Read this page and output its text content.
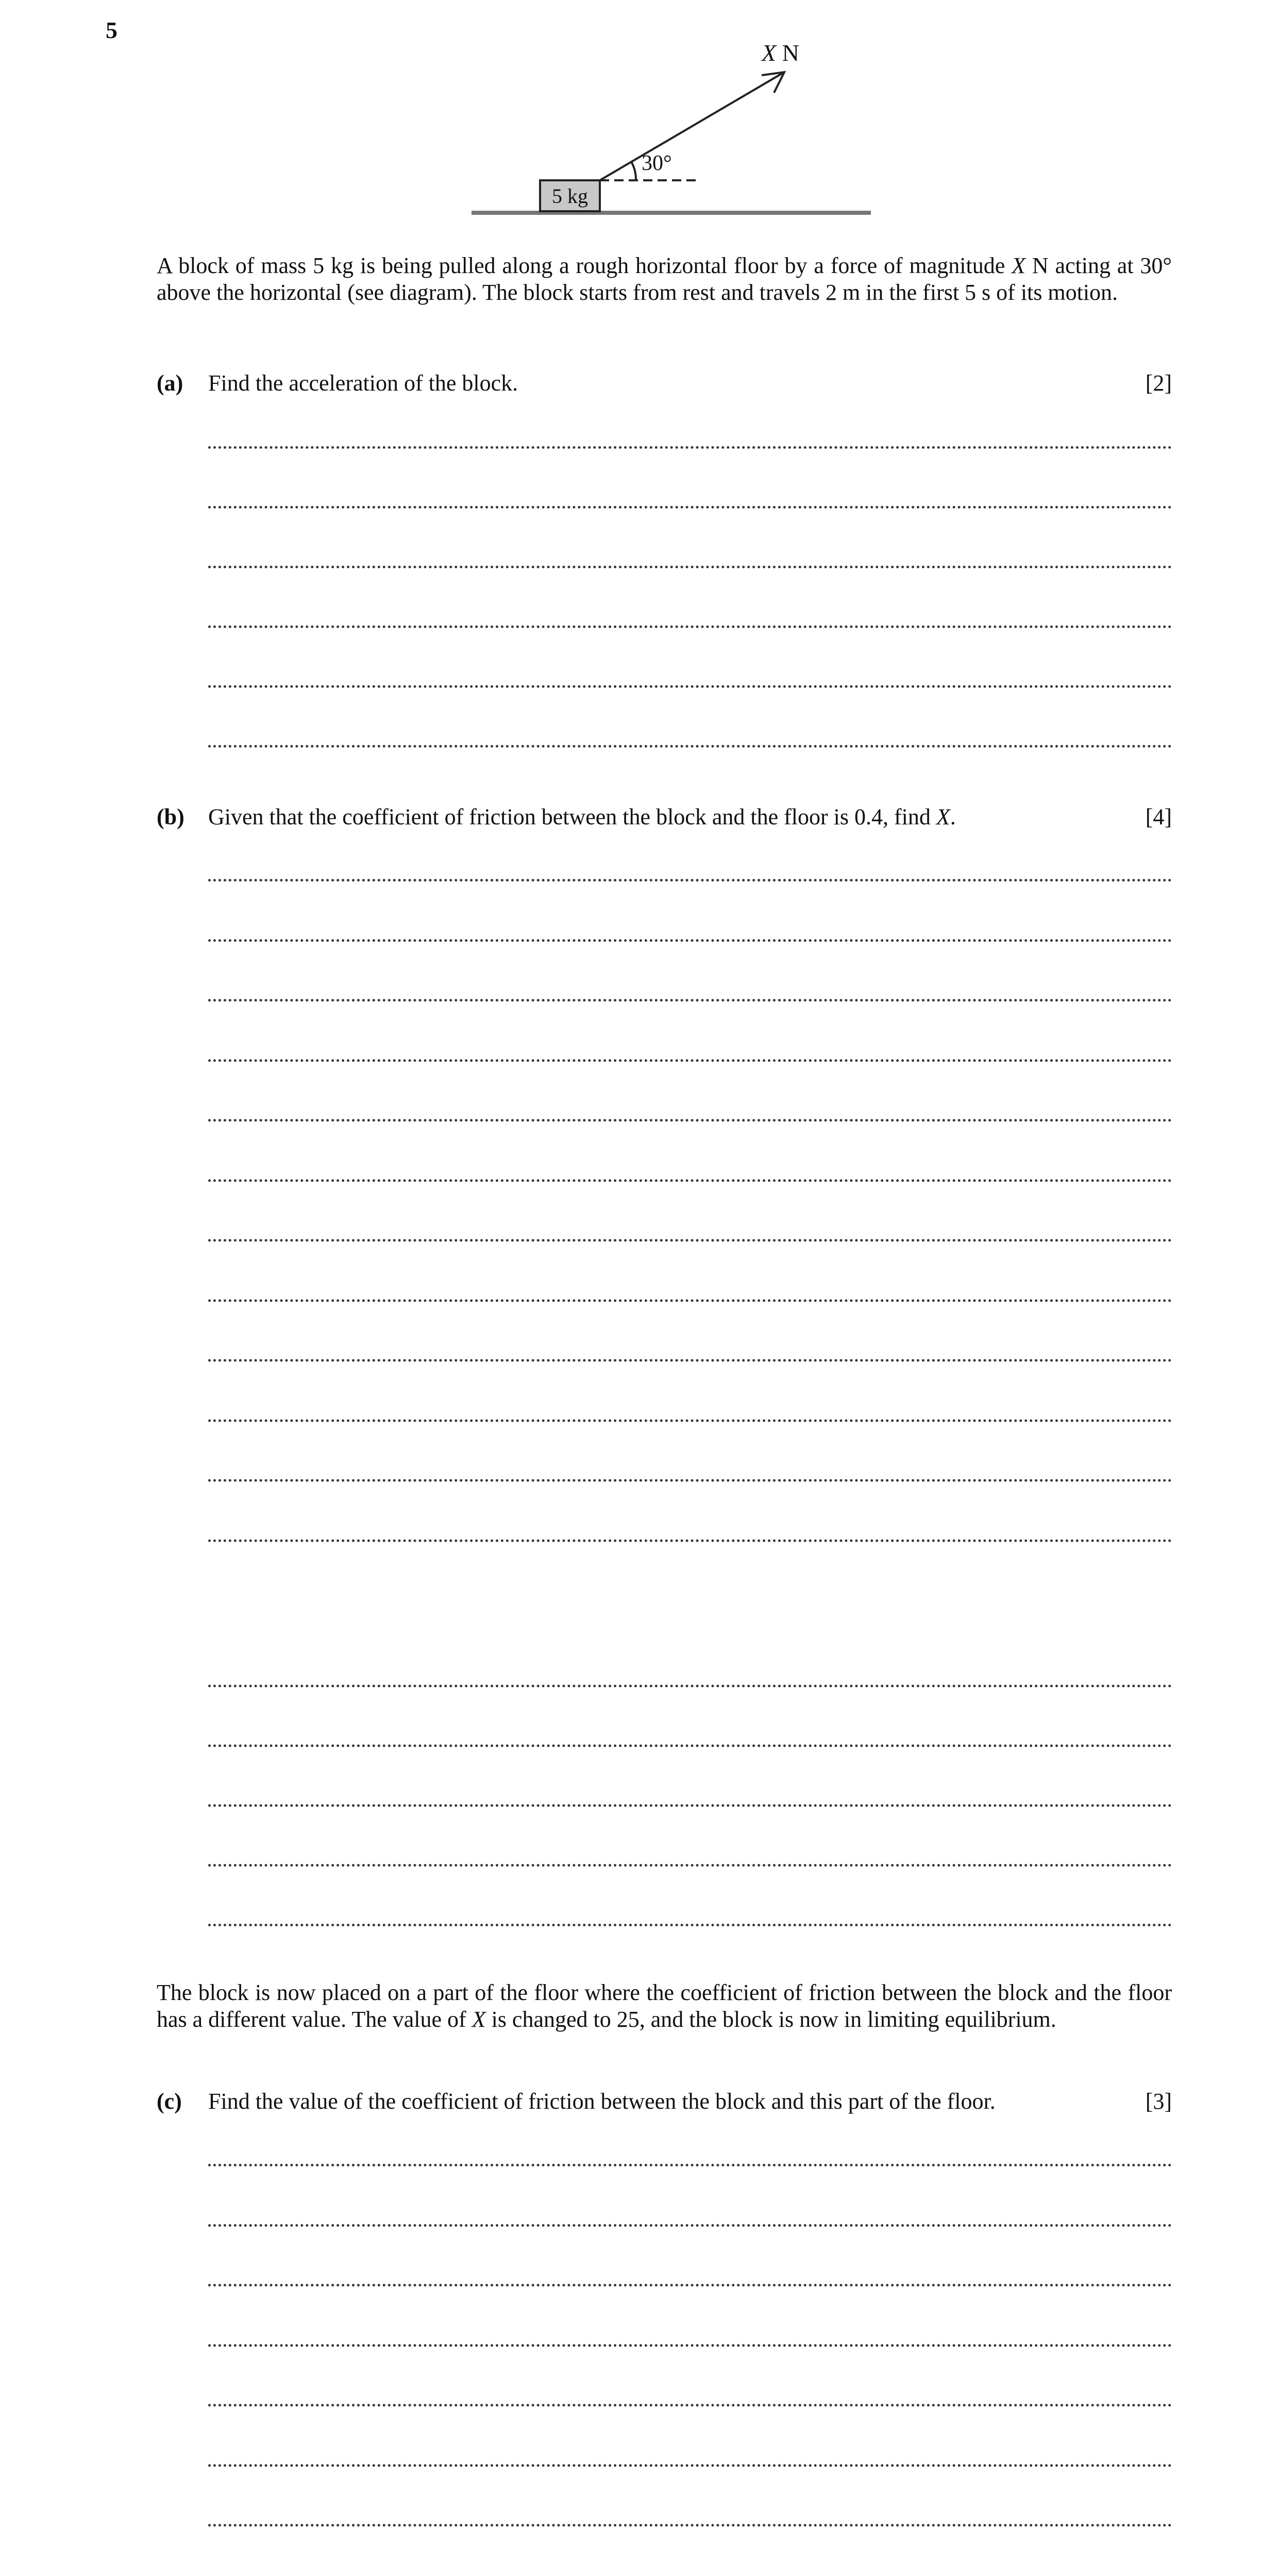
5
5 kg
30°
X N
A block of mass 5 kg is being pulled along a rough horizontal floor by a force of magnitude X N acting at 30° above the horizontal (see diagram). The block starts from rest and travels 2 m in the first 5 s of its motion.
(a) Find the acceleration of the block.	[2]
(b) Given that the coefficient of friction between the block and the floor is 0.4, find X.	[4]
The block is now placed on a part of the floor where the coefficient of friction between the block and the floor has a different value. The value of X is changed to 25, and the block is now in limiting equilibrium.
(c) Find the value of the coefficient of friction between the block and this part of the floor.	[3]
